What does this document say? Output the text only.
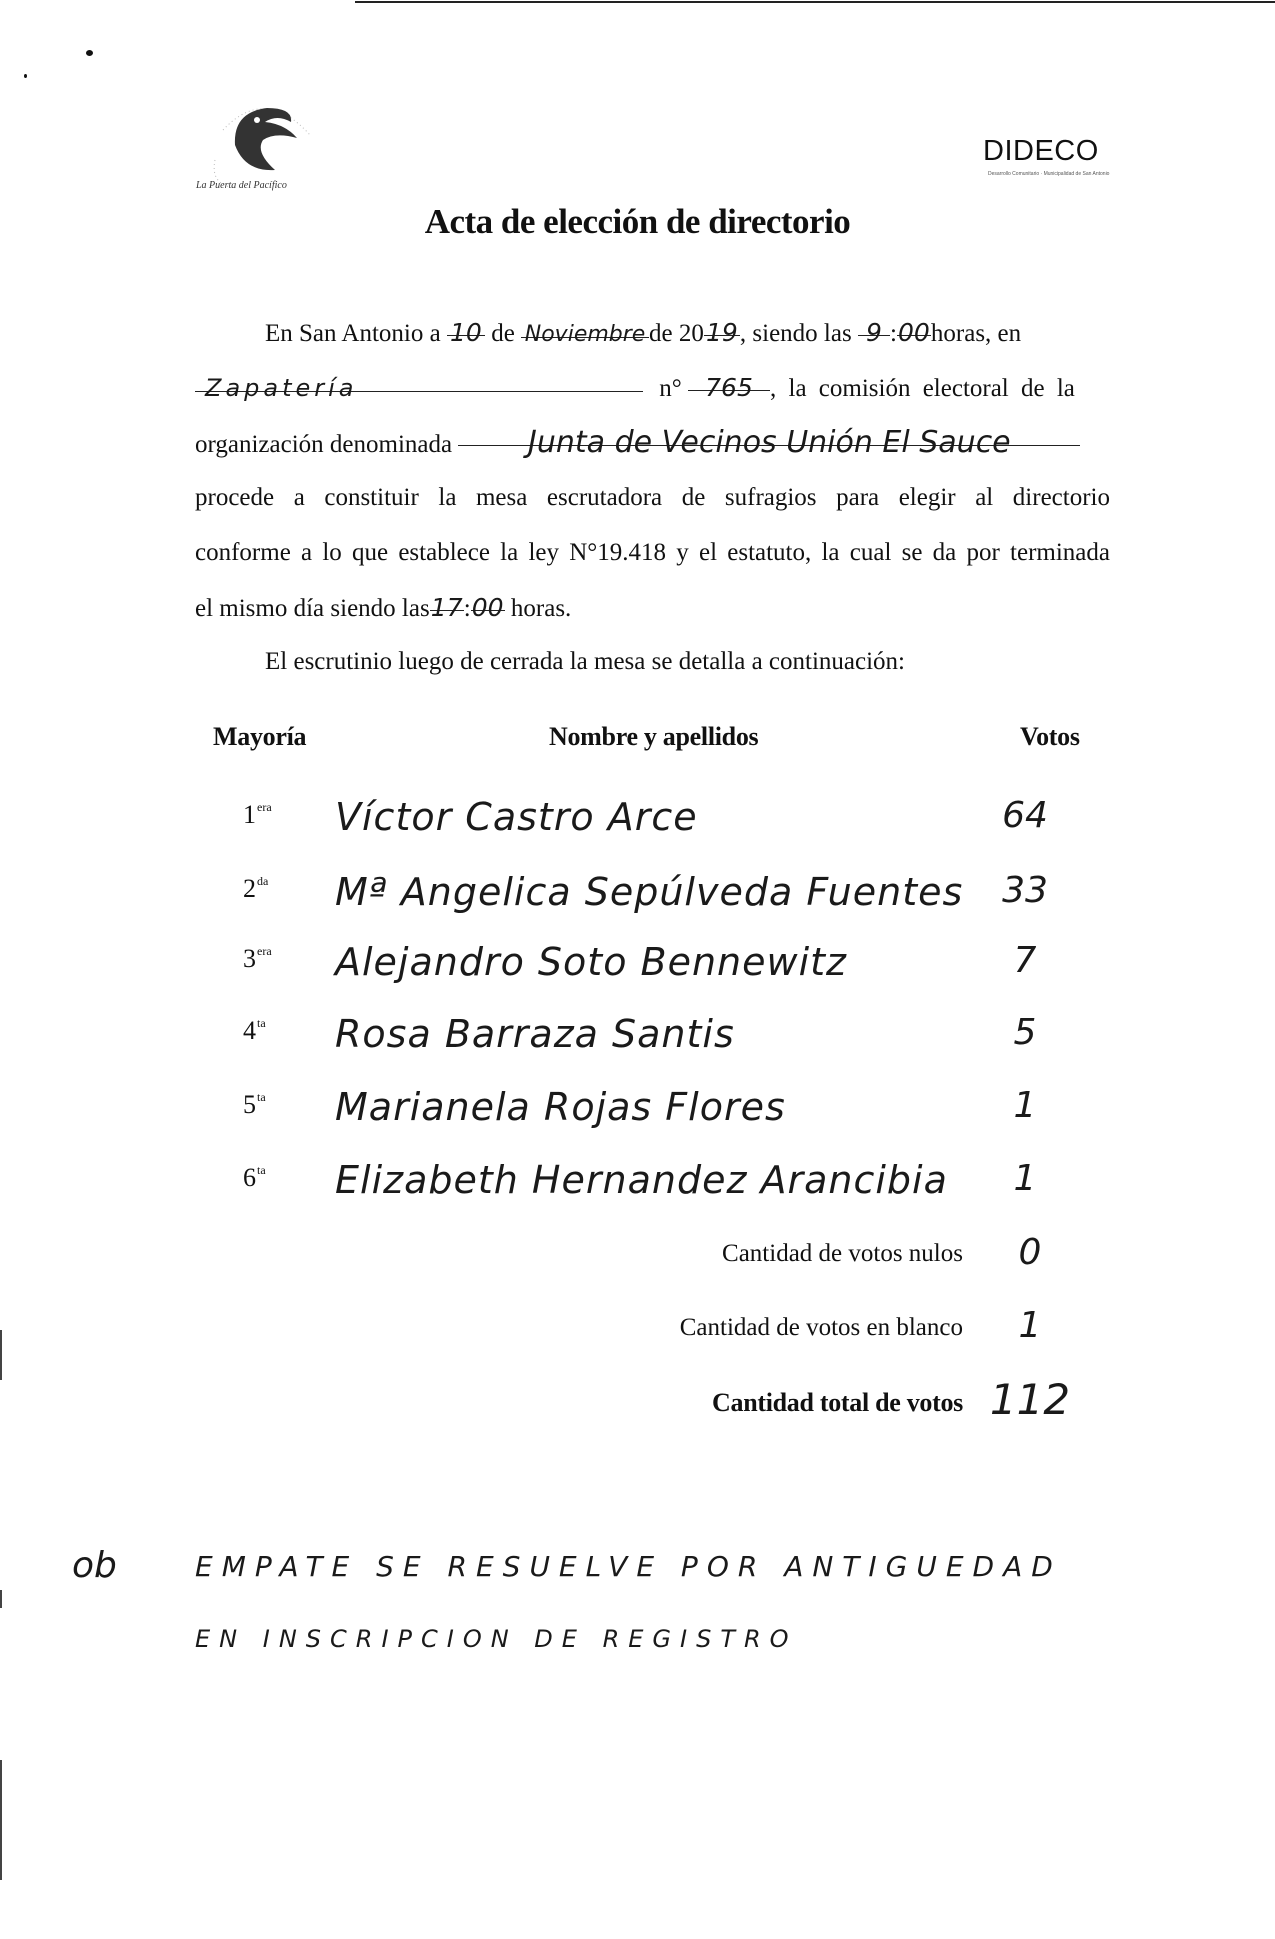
La Puerta del Pacífico
DIDECO
Desarrollo Comunitario · Municipalidad de San Antonio
Acta de elección de directorio
En San Antonio a 10 de Noviembre de 2019, siendo las 9 :00horas, en
Zapatería	n° 765 , la comisión electoral de la
organización denominada	Junta de Vecinos Unión El Sauce
procede a constituir la mesa escrutadora de sufragios para elegir al directorio
conforme a lo que establece la ley N°19.418 y el estatuto, la cual se da por terminada
el mismo día siendo las17:00 horas.
El escrutinio luego de cerrada la mesa se detalla a continuación:
Mayoría	Nombre y apellidos	Votos
$1^{era}$ Víctor Castro Arce	64
$2^{da}$ Mª Angelica Sepúlveda Fuentes	33
$3^{era}$ Alejandro Soto Bennewitz	7
$4^{ta}$ Rosa Barraza Santis	5
$5^{ta}$ Marianela Rojas Flores	1
$6^{ta}$ Elizabeth Hernandez Arancibia	1
Cantidad de votos nulos	0
Cantidad de votos en blanco	1
Cantidad total de votos 112
ob	EMPATE SE RESUELVE POR ANTIGUEDAD
EN INSCRIPCION DE REGISTRO
